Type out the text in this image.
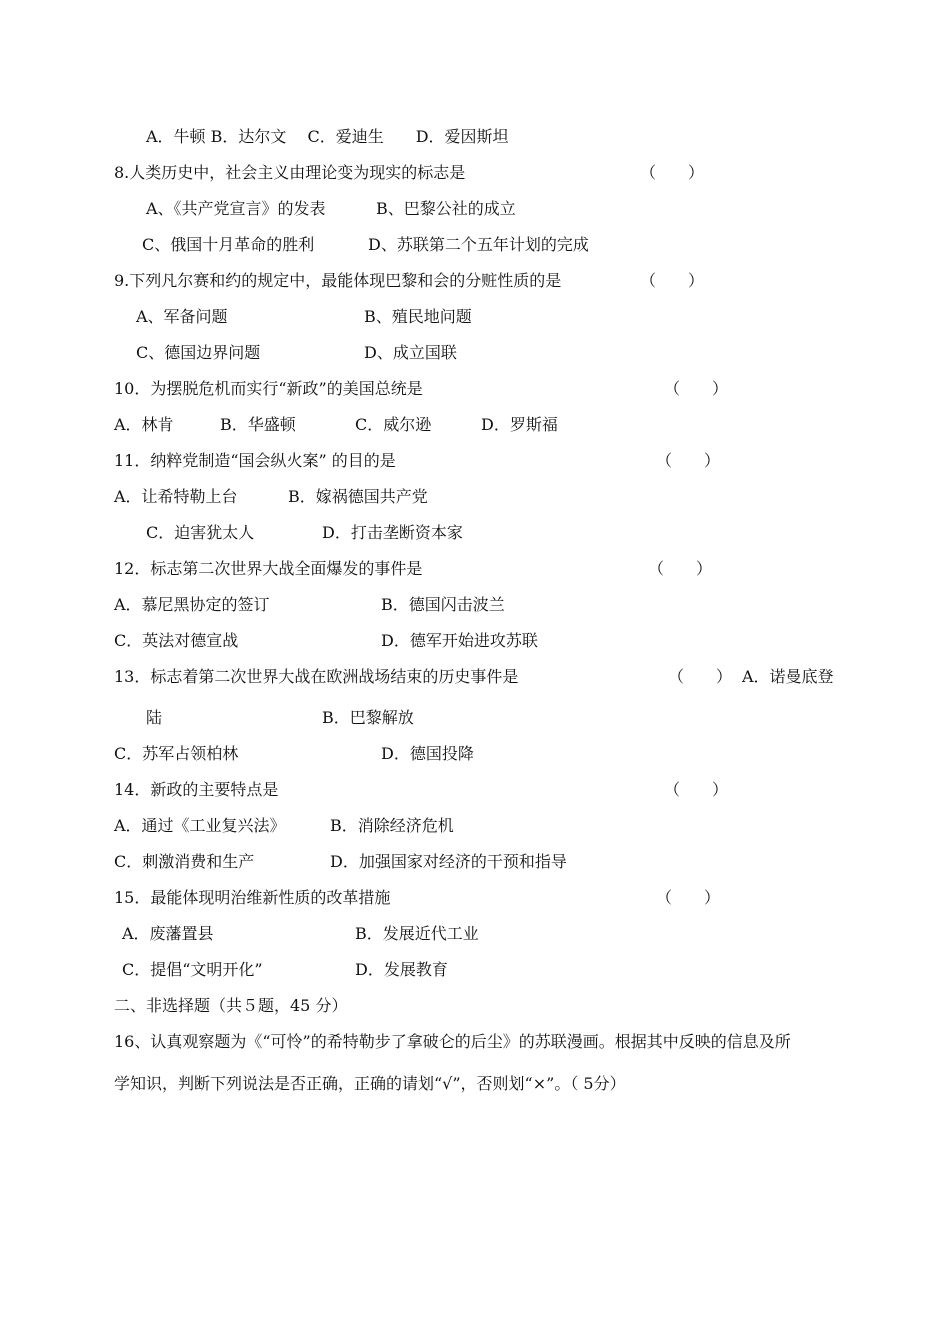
A．牛顿 B．达尔文　 C．爱迪生　　D．爱因斯坦
8.人类历史中，社会主义由理论变为现实的标志是	（　　）
A、《共产党宣言》的发表	B、巴黎公社的成立
C、俄国十月革命的胜利	D、苏联第二个五年计划的完成
9.下列凡尔赛和约的规定中，最能体现巴黎和会的分赃性质的是	（　　）
A、军备问题	B、殖民地问题
C、德国边界问题	D、成立国联
10．为摆脱危机而实行“新政”的美国总统是	（　　）
A．林肯	B．华盛顿	C．威尔逊	D．罗斯福
11．纳粹党制造“国会纵火案” 的目的是	（　　）
A．让希特勒上台	B．嫁祸德国共产党
C．迫害犹太人	D．打击垄断资本家
12．标志第二次世界大战全面爆发的事件是	（　　）
A．慕尼黑协定的签订	B．德国闪击波兰
C．英法对德宣战	D．德军开始进攻苏联
13．标志着第二次世界大战在欧洲战场结束的历史事件是	（　　） A．诺曼底登
陆	B．巴黎解放
C．苏军占领柏林	D．德国投降
14．新政的主要特点是	（　　）
A．通过《工业复兴法》	B．消除经济危机
C．刺激消费和生产	D．加强国家对经济的干预和指导
15．最能体现明治维新性质的改革措施	（　　）
A．废藩置县	B．发展近代工业
C．提倡“文明开化”	D．发展教育
二、非选择题（共５题，45 分）
16、认真观察题为《“可怜”的希特勒步了拿破仑的后尘》的苏联漫画。根据其中反映的信息及所
学知识，判断下列说法是否正确，正确的请划“√”，否则划“×”。（ 5分）
